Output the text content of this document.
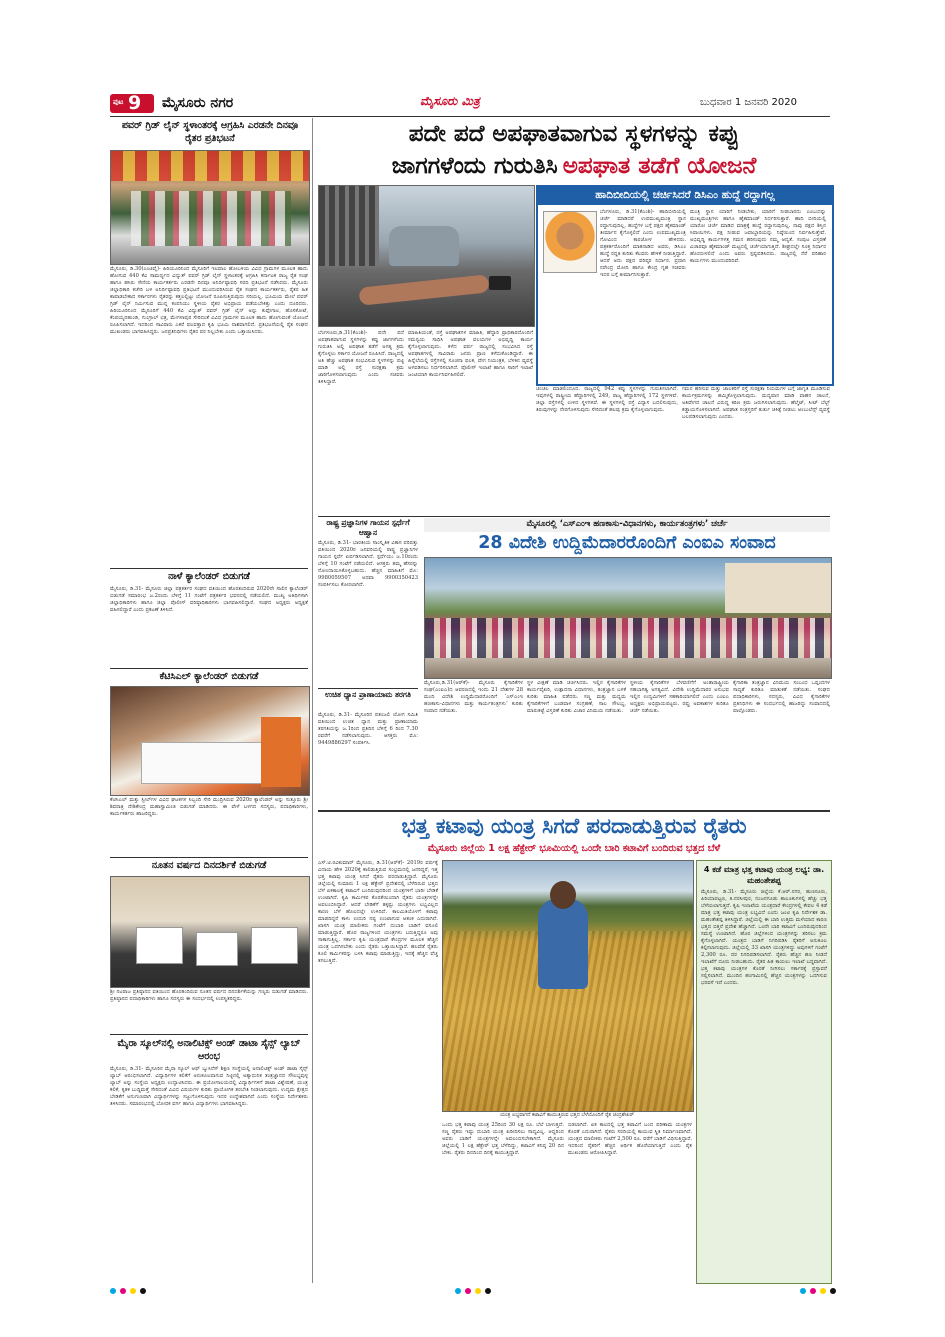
ಪುಟ 9 ಮೈಸೂರು ನಗರ	ಮೈಸೂರು ಮಿತ್ರ	ಬುಧವಾರ 1 ಜನವರಿ 2020
ಪವರ್ ಗ್ರಿಡ್ ಲೈನ್ ಸ್ಥಳಾಂತರಕ್ಕೆ ಆಗ್ರಹಿಸಿ ಎರಡನೇ ದಿನವೂ ರೈತರ ಪ್ರತಿಭಟನೆ
ಮೈಸೂರು, ಡಿ.30(ಎಂಟಿವೈ)- ಹಿರಿಯೂರಿನಿಂದ ಮೈಸೂರಿಗೆ ಇಲವಾಲ ಹೋಬಳಿಯ ವಿವಿಧ ಗ್ರಾಮಗಳ ಮೂಲಕ ಹಾದು ಹೋಗುವ 440 ಕೆವಿ ಸಾಮರ್ಥ್ಯದ ವಿದ್ಯುತ್ ಪವರ್ ಗ್ರಿಡ್ ಲೈನ್ ಸ್ಥಳಾಂತರಕ್ಕೆ ಆಗ್ರಹಿಸಿ ಕರ್ನಾಟಕ ರಾಜ್ಯ ರೈತ ಸಂಘ ಹಾಗೂ ಹಸಿರು ಸೇನೆಯ ಕಾರ್ಯಕರ್ತರು ಎರಡನೇ ದಿನವೂ ಅನಿರ್ದಿಷ್ಟಾವಧಿ ಸರದಿ ಪ್ರತಿಭಟನೆ ನಡೆಸಿದರು. ಮೈಸೂರು ಜಿಲ್ಲಾಧಿಕಾರಿ ಕಚೇರಿ ಬಳಿ ಅನಿರ್ದಿಷ್ಟಾವಧಿ ಪ್ರತಿಭಟನೆ ಮುಂದುವರಿಸಿರುವ ರೈತ ಸಂಘದ ಕಾರ್ಯಕರ್ತರು, ರೈತರ ಹಿತ ಕಾಪಾಡಬೇಕಾದ ಸರ್ಕಾರಗಳು ರೈತರನ್ನು ಕತ್ತಲಲ್ಲಿಟ್ಟು ಯೋಜನೆ ರೂಪಿಸುತ್ತಿರುವುದು ಸರಿಯಲ್ಲ. ಭೂಮಿಯ ಮೇಲೆ ಪವರ್ ಗ್ರಿಡ್ ಲೈನ್ ನಿರ್ಮಿಸುವ ಮುನ್ನ ಕಂಪನಿಯು ಸ್ಥಳೀಯ ರೈತರ ಅಭಿಪ್ರಾಯ ಪಡೆಯಬೇಕಿತ್ತು ಎಂದು ದೂರಿದರು. ಹಿರಿಯೂರಿನಿಂದ ಮೈಸೂರಿಗೆ 440 ಕೆವಿ ವಿದ್ಯುತ್ ಪವರ್ ಗ್ರಿಡ್ ಲೈನ್ ಅನ್ನು ಕುಪ್ಪೇಗಾಲ, ಹೊಸಕೋಟೆ, ಕೆಂಪಯ್ಯನಹುಂಡಿ, ಗುಂಗ್ರಾಲ್ ಛತ್ರ, ಮೇಗಳಾಪುರ ಸೇರಿದಂತೆ ವಿವಿಧ ಗ್ರಾಮಗಳ ಮೂಲಕ ಹಾದು ಹೋಗುವಂತೆ ಯೋಜನೆ ರೂಪಿಸಲಾಗಿದೆ. ಇದರಿಂದ ಸಾವಿರಾರು ಎಕರೆ ಫಲವತ್ತಾದ ಕೃಷಿ ಭೂಮಿ ನಾಶವಾಗಲಿದೆ. ಪ್ರತಿಭಟನೆಯಲ್ಲಿ ರೈತ ಸಂಘದ ಮುಖಂಡರು ಭಾಗವಹಿಸಿದ್ದರು. ಜನಪ್ರತಿನಿಧಿಗಳು ರೈತರ ಪರ ನಿಲ್ಲಬೇಕು ಎಂದು ಒತ್ತಾಯಿಸಿದರು.
ನಾಳೆ ಕ್ಯಾಲೆಂಡರ್ ಬಿಡುಗಡೆ
ಮೈಸೂರು, ಡಿ.31- ಮೈಸೂರು ಜಿಲ್ಲಾ ಪತ್ರಕರ್ತರ ಸಂಘದ ವತಿಯಿಂದ ಹೊರತಂದಿರುವ 2020ನೇ ಸಾಲಿನ ಕ್ಯಾಲೆಂಡರ್ ಬಿಡುಗಡೆ ಸಮಾರಂಭ ಜ.2ರಂದು ಬೆಳಿಗ್ಗೆ 11 ಗಂಟೆಗೆ ಪತ್ರಕರ್ತರ ಭವನದಲ್ಲಿ ನಡೆಯಲಿದೆ. ಮುಖ್ಯ ಅತಿಥಿಗಳಾಗಿ ಜಿಲ್ಲಾಧಿಕಾರಿಗಳು ಹಾಗೂ ಜಿಲ್ಲಾ ಪೊಲೀಸ್ ವರಿಷ್ಠಾಧಿಕಾರಿಗಳು ಭಾಗವಹಿಸಲಿದ್ದಾರೆ. ಸಂಘದ ಅಧ್ಯಕ್ಷರು ಅಧ್ಯಕ್ಷತೆ ವಹಿಸಲಿದ್ದಾರೆ ಎಂದು ಪ್ರಕಟಣೆ ತಿಳಿಸಿದೆ.
ಕೆಟಿಸಿಎಲ್ ಕ್ಯಾಲೆಂಡರ್ ಬಿಡುಗಡೆ
ಕೆಟಿಸಿಎಲ್ ಮತ್ತು ಸ್ಟೀಲ್‌ಗಳ ವಿವಿಧ ಘಟಕಗಳ ಸಿಬ್ಬಂದಿ ಸೇರಿ ಮುದ್ರಿಸಿರುವ 2020ರ ಕ್ಯಾಲೆಂಡರ್ ಅನ್ನು ಸುತ್ತೂರು ಶ್ರೀ ಶಿವರಾತ್ರಿ ದೇಶಿಕೇಂದ್ರ ಮಹಾಸ್ವಾಮೀಜಿ ಬಿಡುಗಡೆ ಮಾಡಿದರು. ಈ ವೇಳೆ ಬಳಗದ ಸದಸ್ಯರು, ಪದಾಧಿಕಾರಿಗಳು, ಕಾರ್ಯಕರ್ತರು ಹಾಜರಿದ್ದರು.
ನೂತನ ವರ್ಷದ ದಿನದರ್ಶಿಕೆ ಬಿಡುಗಡೆ
ಶ್ರೀ ನಟರಾಜ ಪ್ರತಿಷ್ಠಾನದ ವತಿಯಿಂದ ಹೊರತಂದಿರುವ ನೂತನ ವರ್ಷದ ದಿನದರ್ಶಿಕೆಯನ್ನು ಗಣ್ಯರು ಬಿಡುಗಡೆ ಮಾಡಿದರು. ಪ್ರತಿಷ್ಠಾನದ ಪದಾಧಿಕಾರಿಗಳು ಹಾಗೂ ಸದಸ್ಯರು ಈ ಸಂದರ್ಭದಲ್ಲಿ ಉಪಸ್ಥಿತರಿದ್ದರು.
ಮೈರಾ ಸ್ಕೂಲ್‌ನಲ್ಲಿ ಅನಾಲಿಟಿಕ್ಸ್ ಅಂಡ್ ಡಾಟಾ ಸೈನ್ಸ್ ಲ್ಯಾಬ್ ಆರಂಭ
ಮೈಸೂರು, ಡಿ.31- ಮೈಸೂರಿನ ಮೈರಾ ಸ್ಕೂಲ್ ಆಫ್ ಬ್ಯುಸಿನೆಸ್ ಶಿಕ್ಷಣ ಸಂಸ್ಥೆಯಲ್ಲಿ ಅನಾಲಿಟಿಕ್ಸ್ ಅಂಡ್ ಡಾಟಾ ಸೈನ್ಸ್ ಲ್ಯಾಬ್ ಆರಂಭಿಸಲಾಗಿದೆ. ವಿದ್ಯಾರ್ಥಿಗಳ ಕಲಿಕೆಗೆ ಅನುಕೂಲವಾಗುವ ನಿಟ್ಟಿನಲ್ಲಿ ಅತ್ಯಾಧುನಿಕ ತಂತ್ರಜ್ಞಾನದ ಸೌಲಭ್ಯವುಳ್ಳ ಲ್ಯಾಬ್ ಅನ್ನು ಸಂಸ್ಥೆಯ ಅಧ್ಯಕ್ಷರು ಉದ್ಘಾಟಿಸಿದರು. ಈ ಪ್ರಯೋಗಾಲಯದಲ್ಲಿ ವಿದ್ಯಾರ್ಥಿಗಳಿಗೆ ಡಾಟಾ ವಿಶ್ಲೇಷಣೆ, ಯಂತ್ರ ಕಲಿಕೆ, ಕೃತಕ ಬುದ್ಧಿಮತ್ತೆ ಸೇರಿದಂತೆ ವಿವಿಧ ವಿಷಯಗಳ ಕುರಿತು ಪ್ರಾಯೋಗಿಕ ತರಬೇತಿ ನೀಡಲಾಗುವುದು. ಉದ್ಯಮ ಕ್ಷೇತ್ರದ ಬೇಡಿಕೆಗೆ ಅನುಗುಣವಾಗಿ ವಿದ್ಯಾರ್ಥಿಗಳನ್ನು ಸಜ್ಜುಗೊಳಿಸುವುದು ಇದರ ಉದ್ದೇಶವಾಗಿದೆ ಎಂದು ಸಂಸ್ಥೆಯ ನಿರ್ದೇಶಕರು ತಿಳಿಸಿದರು. ಸಮಾರಂಭದಲ್ಲಿ ಬೋಧಕ ವರ್ಗ ಹಾಗೂ ವಿದ್ಯಾರ್ಥಿಗಳು ಭಾಗವಹಿಸಿದ್ದರು.
ಪದೇ ಪದೆ ಅಪಘಾತವಾಗುವ ಸ್ಥಳಗಳನ್ನು ಕಪ್ಪು
ಜಾಗಗಳೆಂದು ಗುರುತಿಸಿ ಅಪಘಾತ ತಡೆಗೆ ಯೋಜನೆ
ಹಾದಿಬೀದಿಯಲ್ಲಿ ಚರ್ಚಿಸಿದರೆ ಡಿಸಿಎಂ ಹುದ್ದೆ ರದ್ದಾಗಲ್ಲ
ಬೆಂಗಳೂರು, ಡಿ.31(ಕೆಎಂಶಿ)- ಹಾದಿಬೀದಿಯಲ್ಲಿ ಚರ್ಚೆ ಮಾಡಿದರೆ ಉಪಮುಖ್ಯಮಂತ್ರಿ ಸ್ಥಾನ ರದ್ದಾಗುವುದಿಲ್ಲ. ಹುದ್ದೆಗಳ ಬಗ್ಗೆ ಪಕ್ಷದ ಹೈಕಮಾಂಡ್ ತೀರ್ಮಾನ ಕೈಗೊಳ್ಳಲಿದೆ ಎಂದು ಉಪಮುಖ್ಯಮಂತ್ರಿ ಗೋವಿಂದ ಕಾರಜೋಳ ಹೇಳಿದರು. ಪತ್ರಕರ್ತರೊಂದಿಗೆ ಮಾತನಾಡಿದ ಅವರು, ಡಿಸಿಎಂ ಹುದ್ದೆ ರದ್ದತಿ ಕುರಿತು ಕೆಲವರು ಹೇಳಿಕೆ ನೀಡುತ್ತಿದ್ದಾರೆ. ಆದರೆ ಅದು ಪಕ್ಷದ ವರಿಷ್ಠರ ನಿರ್ಧಾರ. ಪ್ರಧಾನಿ ನರೇಂದ್ರ ಮೋದಿ ಹಾಗೂ ಕೇಂದ್ರ ಗೃಹ ಸಚಿವರು ಇದರ ಬಗ್ಗೆ ತೀರ್ಮಾನಿಸುತ್ತಾರೆ.
ಮಂತ್ರಿ ಸ್ಥಾನ ಯಾರಿಗೆ ನೀಡಬೇಕು, ಯಾರಿಗೆ ನೀಡಬಾರದು ಎಂಬುದನ್ನು ಮುಖ್ಯಮಂತ್ರಿಗಳು ಹಾಗೂ ಹೈಕಮಾಂಡ್ ನಿರ್ಧರಿಸುತ್ತಾರೆ. ಹಾದಿ ಬೀದಿಯಲ್ಲಿ ಯಾರೋ ಚರ್ಚೆ ಮಾಡಿದ ಮಾತ್ರಕ್ಕೆ ಹುದ್ದೆ ರದ್ದಾಗುವುದಿಲ್ಲ. ನಾವು ಪಕ್ಷದ ಶಿಸ್ತಿನ ಸಿಪಾಯಿಗಳು. ಪಕ್ಷ ನೀಡುವ ಜವಾಬ್ದಾರಿಯನ್ನು ನಿಷ್ಠೆಯಿಂದ ನಿರ್ವಹಿಸುತ್ತೇವೆ. ಅಭಿವೃದ್ಧಿ ಕಾರ್ಯಗಳತ್ತ ಗಮನ ಹರಿಸುವುದು ನಮ್ಮ ಆದ್ಯತೆ. ಸಂಪುಟ ವಿಸ್ತರಣೆ ವಿಚಾರವೂ ಹೈಕಮಾಂಡ್ ಮಟ್ಟದಲ್ಲಿ ಚರ್ಚೆಯಾಗುತ್ತಿದೆ. ಶೀಘ್ರದಲ್ಲೇ ಸೂಕ್ತ ನಿರ್ಧಾರ ಹೊರಬೀಳಲಿದೆ ಎಂದು ಅವರು ಸ್ಪಷ್ಟಪಡಿಸಿದರು. ರಾಜ್ಯದಲ್ಲಿ ನೆರೆ ಪರಿಹಾರ ಕಾರ್ಯಗಳು ಮುಂದುವರಿದಿವೆ.
ಬೆಂಗಳೂರು,ಡಿ.31(ಕೆಎಂಶಿ)- ಪದೇ ಪದೆ ಅಪಘಾತವಾಗುವ ಸ್ಥಳಗಳನ್ನು ಕಪ್ಪು ಜಾಗಗಳೆಂದು ಗುರುತಿಸಿ ಅಲ್ಲಿ ಅಪಘಾತ ತಡೆಗೆ ಅಗತ್ಯ ಕ್ರಮ ಕೈಗೊಳ್ಳಲು ಸರ್ಕಾರ ಯೋಜನೆ ರೂಪಿಸಿದೆ. ರಾಜ್ಯದಲ್ಲಿ ಅತಿ ಹೆಚ್ಚು ಅಪಘಾತ ಸಂಭವಿಸುವ ಸ್ಥಳಗಳನ್ನು ಪಟ್ಟಿ ಮಾಡಿ ಅಲ್ಲಿ ರಸ್ತೆ ಸುರಕ್ಷತಾ ಕ್ರಮ ಜಾರಿಗೊಳಿಸಲಾಗುವುದು ಎಂದು ಸಚಿವರು ತಿಳಿಸಿದ್ದಾರೆ.
ಮಾಹಿತಿಯಂತೆ, ರಸ್ತೆ ಅಪಘಾತಗಳ ಮಾಹಿತಿ, ಹೆದ್ದಾರಿ ಪ್ರಾಧಿಕಾರದೊಂದಿಗೆ ಸಮನ್ವಯ ಸಾಧಿಸಿ ಅಪಘಾತ ವಲಯಗಳ ಅಭಿವೃದ್ಧಿ ಕಾರ್ಯ ಕೈಗೊಳ್ಳಲಾಗುವುದು. ಕಳೆದ ವರ್ಷ ರಾಜ್ಯದಲ್ಲಿ ಸಂಭವಿಸಿದ ರಸ್ತೆ ಅಪಘಾತಗಳಲ್ಲಿ ಸಾವಿರಾರು ಜನರು ಪ್ರಾಣ ಕಳೆದುಕೊಂಡಿದ್ದಾರೆ. ಈ ಹಿನ್ನೆಲೆಯಲ್ಲಿ ರಸ್ತೆಗಳಲ್ಲಿ ಸೂಚನಾ ಫಲಕ, ವೇಗ ನಿಯಂತ್ರಕ, ಬೆಳಕಿನ ವ್ಯವಸ್ಥೆ ಅಳವಡಿಸಲು ನಿರ್ಧರಿಸಲಾಗಿದೆ. ಪೊಲೀಸ್ ಇಲಾಖೆ ಹಾಗೂ ಸಾರಿಗೆ ಇಲಾಖೆ ಜಂಟಿಯಾಗಿ ಕಾರ್ಯನಿರ್ವಹಿಸಲಿವೆ.
ಚಂಚಲ ಮಾಡಲಿಂದೂದ. ರಾಜ್ಯದಲ್ಲಿ 942 ಕಪ್ಪು ಸ್ಥಳಗಳನ್ನು ಗುರುತಿಸಲಾಗಿದೆ. ಇವುಗಳಲ್ಲಿ ರಾಷ್ಟ್ರೀಯ ಹೆದ್ದಾರಿಗಳಲ್ಲಿ 249, ರಾಜ್ಯ ಹೆದ್ದಾರಿಗಳಲ್ಲಿ 172 ಸ್ಥಳಗಳಿವೆ. ಜಿಲ್ಲಾ ರಸ್ತೆಗಳಲ್ಲಿ ಉಳಿದ ಸ್ಥಳಗಳಿವೆ. ಈ ಸ್ಥಳಗಳಲ್ಲಿ ರಸ್ತೆ ವಿನ್ಯಾಸ ಬದಲಿಸುವುದು, ತಿರುವುಗಳನ್ನು ನೇರಗೊಳಿಸುವುದು ಸೇರಿದಂತೆ ಹಲವು ಕ್ರಮ ಕೈಗೊಳ್ಳಲಾಗುವುದು.
ಗಮನ ಹರಿಸುವ ಮತ್ತು ಚಾಲಕರಿಗೆ ರಸ್ತೆ ಸುರಕ್ಷತಾ ನಿಯಮಗಳ ಬಗ್ಗೆ ಜಾಗೃತಿ ಮೂಡಿಸುವ ಕಾರ್ಯಕ್ರಮಗಳನ್ನು ಹಮ್ಮಿಕೊಳ್ಳಲಾಗುವುದು. ಮದ್ಯಪಾನ ಮಾಡಿ ವಾಹನ ಚಾಲನೆ, ಅತಿವೇಗದ ಚಾಲನೆ ವಿರುದ್ಧ ಕಠಿಣ ಕ್ರಮ ಜರುಗಿಸಲಾಗುವುದು. ಹೆಲ್ಮೆಟ್, ಸೀಟ್ ಬೆಲ್ಟ್ ಕಡ್ಡಾಯಗೊಳಿಸಲಾಗಿದೆ. ಅಪಘಾತ ಸಂತ್ರಸ್ತರಿಗೆ ತುರ್ತು ಚಿಕಿತ್ಸೆ ನೀಡಲು ಆಂಬುಲೆನ್ಸ್ ವ್ಯವಸ್ಥೆ ಬಲಪಡಿಸಲಾಗುವುದು ಎಂದರು.
ರಾಷ್ಟ್ರ ಪ್ರಜ್ಞಾನಿಗಳ ಗಾಯನ ಸ್ಪರ್ಧೆಗೆ ಆಹ್ವಾನ
ಮೈಸೂರು, ಡಿ.31- ಭಾರತೀಯ ಸಾಂಸ್ಕೃತಿಕ ವಿಕಾಸ ಪರಿಷತ್ತು ವತಿಯಿಂದ 2020ರ ಜನವರಿಯಲ್ಲಿ ರಾಷ್ಟ್ರ ಪ್ರಜ್ಞಾನಿಗಳ ಗಾಯನ ಸ್ಪರ್ಧೆ ಏರ್ಪಡಿಸಲಾಗಿದೆ. ಸ್ಪರ್ಧೆಯು ಜ.10ರಂದು ಬೆಳಿಗ್ಗೆ 10 ಗಂಟೆಗೆ ನಡೆಯಲಿದೆ. ಆಸಕ್ತರು ತಮ್ಮ ಹೆಸರನ್ನು ನೋಂದಾಯಿಸಿಕೊಳ್ಳಬಹುದು. ಹೆಚ್ಚಿನ ಮಾಹಿತಿಗೆ ಮೊ: 9980059507 ಅಥವಾ 9900350423 ಸಂಪರ್ಕಿಸಲು ಕೋರಲಾಗಿದೆ.
ಉಚಿತ ಧ್ಯಾನ ಪ್ರಾಣಾಯಾಮ ತರಗತಿ
ಮೈಸೂರು, ಡಿ.31- ಮೈಸೂರಿನ ಪತಂಜಲಿ ಯೋಗ ಸಮಿತಿ ವತಿಯಿಂದ ಉಚಿತ ಧ್ಯಾನ ಮತ್ತು ಪ್ರಾಣಾಯಾಮ ತರಗತಿಯನ್ನು ಜ.1ರಿಂದ ಪ್ರತಿದಿನ ಬೆಳಿಗ್ಗೆ 6 ರಿಂದ 7.30 ರವರೆಗೆ ನಡೆಸಲಾಗುವುದು. ಆಸಕ್ತರು ಮೊ: 9449886297 ಸಂಪರ್ಕಿಸಿ.
ಮೈಸೂರಲ್ಲಿ ‘ಎಸ್‌ಎಂಇ ಹಣಕಾಸು-ವಿಧಾನಗಳು, ಕಾರ್ಯತಂತ್ರಗಳು’ ಚರ್ಚೆ
28 ವಿದೇಶಿ ಉದ್ದಿಮೆದಾರರೊಂದಿಗೆ ಎಂಐಎ ಸಂವಾದ
ಮೈಸೂರು,ಡಿ.31(ಆರ್‌ಕೆ)- ಮೈಸೂರು ಕೈಗಾರಿಕೆಗಳ ಸಂಘ(ಎಂಐಎ)ದ ಆವರಣದಲ್ಲಿ ಇಂದು 21 ದೇಶಗಳ 28 ಮಂದಿ ವಿದೇಶಿ ಉದ್ದಿಮೆದಾರರೊಂದಿಗೆ ‘ಎಸ್‌ಎಂಇ ಹಣಕಾಸು-ವಿಧಾನಗಳು ಮತ್ತು ಕಾರ್ಯತಂತ್ರಗಳು’ ಕುರಿತು ಸಂವಾದ ನಡೆಯಿತು.
ಸ್ಥಳ ವೀಕ್ಷಣೆ ಮಾಡಿ ಚರ್ಚಿಸಿದರು. ಇಲ್ಲಿನ ಕೈಗಾರಿಕೆಗಳ ಕಾರ್ಯವೈಖರಿ, ಉತ್ಪಾದನಾ ವಿಧಾನಗಳು, ತಂತ್ರಜ್ಞಾನ ಬಳಕೆ ಕುರಿತು ಮಾಹಿತಿ ಪಡೆದರು. ಸಣ್ಣ ಮತ್ತು ಮಧ್ಯಮ ಕೈಗಾರಿಕೆಗಳಿಗೆ ಬಂಡವಾಳ ಸಂಗ್ರಹಣೆ, ಸಾಲ ಸೌಲಭ್ಯ, ಮಾರುಕಟ್ಟೆ ವಿಸ್ತರಣೆ ಕುರಿತು ವಿಚಾರ ವಿನಿಮಯ ನಡೆಯಿತು.
ಸ್ಥಳೀಯ ಕೈಗಾರಿಕೆಗಳ ಬೆಳವಣಿಗೆಗೆ ಅಂತಾರಾಷ್ಟ್ರೀಯ ಸಹಭಾಗಿತ್ವ ಅಗತ್ಯವಿದೆ. ವಿದೇಶಿ ಉದ್ದಿಮೆದಾರರ ಅನುಭವ ಇಲ್ಲಿನ ಉದ್ಯಮಿಗಳಿಗೆ ಸಹಕಾರಿಯಾಗಲಿದೆ ಎಂದು ಎಂಐಎ ಅಧ್ಯಕ್ಷರು ಅಭಿಪ್ರಾಯಪಟ್ಟರು. ರಫ್ತು ಅವಕಾಶಗಳ ಕುರಿತೂ ಚರ್ಚೆ ನಡೆಯಿತು.
ಕೈಗಾರಿಕಾ ತಂತ್ರಜ್ಞಾನ ವಿನಿಮಯ ಸಂಬಂಧ ಒಪ್ಪಂದಗಳ ಸಾಧ್ಯತೆ ಕುರಿತೂ ಮಾತುಕತೆ ನಡೆಯಿತು. ಸಂಘದ ಪದಾಧಿಕಾರಿಗಳು, ಸದಸ್ಯರು, ವಿವಿಧ ಕೈಗಾರಿಕೆಗಳ ಪ್ರತಿನಿಧಿಗಳು ಈ ಸಂದರ್ಭದಲ್ಲಿ ಹಾಜರಿದ್ದು ಸಂವಾದದಲ್ಲಿ ಪಾಲ್ಗೊಂಡರು.
ಭತ್ತ ಕಟಾವು ಯಂತ್ರ ಸಿಗದೆ ಪರದಾಡುತ್ತಿರುವ ರೈತರು
ಮೈಸೂರು ಜಿಲ್ಲೆಯ 1 ಲಕ್ಷ ಹೆಕ್ಟೇರ್ ಭೂಮಿಯಲ್ಲಿ ಒಂದೇ ಬಾರಿ ಕಟಾವಿಗೆ ಬಂದಿರುವ ಭತ್ತದ ಬೆಳೆ
ಎಸ್.ಟಿ.ರವಿಕುಮಾರ್ ಮೈಸೂರು, ಡಿ.31(ಆರ್‌ಕೆ)- 2019ರ ವರ್ಷಕ್ಕೆ ವಿದಾಯ ಹೇಳಿ 2020ಕ್ಕೆ ಕಾಲಿಡುತ್ತಿರುವ ಸಂಭ್ರಮದಲ್ಲಿ ಜನರಿದ್ದರೆ, ಇತ್ತ ಭತ್ತ ಕಟಾವು ಯಂತ್ರ ಸಿಗದೆ ರೈತರು ಪರದಾಡುತ್ತಿದ್ದಾರೆ. ಮೈಸೂರು ಜಿಲ್ಲೆಯಲ್ಲಿ ಸುಮಾರು 1 ಲಕ್ಷ ಹೆಕ್ಟೇರ್ ಪ್ರದೇಶದಲ್ಲಿ ಬೆಳೆದಿರುವ ಭತ್ತದ ಬೆಳೆ ಏಕಕಾಲಕ್ಕೆ ಕಟಾವಿಗೆ ಬಂದಿರುವುದರಿಂದ ಯಂತ್ರಗಳಿಗೆ ಭಾರೀ ಬೇಡಿಕೆ ಉಂಟಾಗಿದೆ. ಕೃಷಿ ಕಾರ್ಮಿಕರ ಕೊರತೆಯಿಂದಾಗಿ ರೈತರು ಯಂತ್ರಗಳನ್ನೇ ಅವಲಂಬಿಸಿದ್ದಾರೆ. ಆದರೆ ಬೇಡಿಕೆಗೆ ತಕ್ಕಷ್ಟು ಯಂತ್ರಗಳು ಲಭ್ಯವಿಲ್ಲದ ಕಾರಣ ಬೆಳೆ ಹೊಲದಲ್ಲೇ ಉಳಿದಿದೆ. ಕಾಲಮಿತಿಯೊಳಗೆ ಕಟಾವು ಮಾಡದಿದ್ದರೆ ಕಾಳು ಉದುರಿ ನಷ್ಟ ಉಂಟಾಗುವ ಆತಂಕ ಎದುರಾಗಿದೆ. ಖಾಸಗಿ ಯಂತ್ರ ಮಾಲೀಕರು ಗಂಟೆಗೆ ದುಬಾರಿ ಬಾಡಿಗೆ ವಸೂಲಿ ಮಾಡುತ್ತಿದ್ದಾರೆ. ಹೊರ ರಾಜ್ಯಗಳಿಂದ ಯಂತ್ರಗಳು ಬರುತ್ತಿದ್ದರೂ ಅವು ಸಾಕಾಗುತ್ತಿಲ್ಲ. ಸರ್ಕಾರ ಕೃಷಿ ಯಂತ್ರಧಾರೆ ಕೇಂದ್ರಗಳ ಮೂಲಕ ಹೆಚ್ಚಿನ ಯಂತ್ರ ಒದಗಿಸಬೇಕು ಎಂದು ರೈತರು ಒತ್ತಾಯಿಸಿದ್ದಾರೆ. ಹಲವೆಡೆ ರೈತರು ಕೂಲಿ ಕಾರ್ಮಿಕರನ್ನು ಬಳಸಿ ಕಟಾವು ಮಾಡುತ್ತಿದ್ದು, ಇದಕ್ಕೆ ಹೆಚ್ಚಿನ ವೆಚ್ಚ ತಗಲುತ್ತಿದೆ.
ಯಂತ್ರ ಲಭ್ಯವಾಗದೆ ಕಟಾವಿಗೆ ಕಾಯುತ್ತಿರುವ ಭತ್ತದ ಬೆಳೆಯೊಂದಿಗೆ ರೈತ ಚಂದ್ರಶೇಖರ್
ಒಂದು ಭತ್ತ ಕಟಾವು ಯಂತ್ರ 25ರಿಂದ 30 ಲಕ್ಷ ರೂ. ಬೆಲೆ ಬಾಳುತ್ತದೆ. ಸಣ್ಣ ರೈತರು ಇಷ್ಟು ದುಬಾರಿ ಯಂತ್ರ ಖರೀದಿಸಲು ಸಾಧ್ಯವಿಲ್ಲ. ಆದ್ದರಿಂದ ಅವರು ಬಾಡಿಗೆ ಯಂತ್ರಗಳನ್ನೇ ಅವಲಂಬಿಸಬೇಕಾಗಿದೆ. ಮೈಸೂರು ಜಿಲ್ಲೆಯಲ್ಲಿ 1 ಲಕ್ಷ ಹೆಕ್ಟೇರ್ ಭತ್ತ ಬೆಳೆದಿದ್ದು, ಕಟಾವಿಗೆ ಕನಿಷ್ಠ 20 ದಿನ ಬೇಕು. ರೈತರು ದಿನದಿಂದ ದಿನಕ್ಕೆ ಕಾಯುತ್ತಿದ್ದಾರೆ.
ಬಿಡಲಾಗಿದೆ. ಏಕ ಕಾಲದಲ್ಲಿ ಭತ್ತ ಕಟಾವಿಗೆ ಬಂದ ಪರಿಣಾಮ ಯಂತ್ರಗಳ ಕೊರತೆ ಎದುರಾಗಿದೆ. ರೈತರು ಸರದಿಯಲ್ಲಿ ಕಾಯುವ ಸ್ಥಿತಿ ನಿರ್ಮಾಣವಾಗಿದೆ. ಯಂತ್ರದ ಮಾಲೀಕರು ಗಂಟೆಗೆ 2,500 ರೂ. ವರೆಗೆ ಬಾಡಿಗೆ ವಿಧಿಸುತ್ತಿದ್ದಾರೆ. ಇದರಿಂದ ರೈತರಿಗೆ ಹೆಚ್ಚಿನ ಆರ್ಥಿಕ ಹೊರೆಯಾಗುತ್ತಿದೆ ಎಂದು ರೈತ ಮುಖಂಡರು ಆರೋಪಿಸಿದ್ದಾರೆ.
4 ಕಡೆ ಮಾತ್ರ ಭತ್ತ ಕಟಾವು ಯಂತ್ರ ಲಭ್ಯ: ಡಾ. ಮಹಂತೇಶಪ್ಪ
ಮೈಸೂರು, ಡಿ.31- ಮೈಸೂರು ಜಿಲ್ಲೆಯ ಕೆ.ಆರ್.ನಗರ, ಹುಣಸೂರು, ಪಿರಿಯಾಪಟ್ಟಣ, ತಿ.ನರಸೀಪುರ, ನಂಜನಗೂಡು ತಾಲೂಕುಗಳಲ್ಲಿ ಹೆಚ್ಚು ಭತ್ತ ಬೆಳೆಯಲಾಗುತ್ತದೆ. ಕೃಷಿ ಇಲಾಖೆಯ ಯಂತ್ರಧಾರೆ ಕೇಂದ್ರಗಳಲ್ಲಿ ಕೇವಲ 4 ಕಡೆ ಮಾತ್ರ ಭತ್ತ ಕಟಾವು ಯಂತ್ರ ಲಭ್ಯವಿದೆ ಎಂದು ಜಂಟಿ ಕೃಷಿ ನಿರ್ದೇಶಕ ಡಾ. ಮಹಂತೇಶಪ್ಪ ತಿಳಿಸಿದ್ದಾರೆ. ಜಿಲ್ಲೆಯಲ್ಲಿ ಈ ಬಾರಿ ಉತ್ತಮ ಮಳೆಯಾದ ಕಾರಣ ಭತ್ತದ ಬಿತ್ತನೆ ಪ್ರದೇಶ ಹೆಚ್ಚಾಗಿದೆ. ಒಂದೇ ಬಾರಿ ಕಟಾವಿಗೆ ಬಂದಿರುವುದರಿಂದ ಸಮಸ್ಯೆ ಉಂಟಾಗಿದೆ. ಹೊರ ಜಿಲ್ಲೆಗಳಿಂದ ಯಂತ್ರಗಳನ್ನು ತರಿಸಲು ಕ್ರಮ ಕೈಗೊಳ್ಳಲಾಗಿದೆ. ಯಂತ್ರದ ಬಾಡಿಗೆ ನಿಗದಿಪಡಿಸಿ ರೈತರಿಗೆ ಅನುಕೂಲ ಕಲ್ಪಿಸಲಾಗುವುದು. ಜಿಲ್ಲೆಯಲ್ಲಿ 33 ಖಾಸಗಿ ಯಂತ್ರಗಳಿದ್ದು ಅವುಗಳಿಗೆ ಗಂಟೆಗೆ 2,300 ರೂ. ದರ ನಿಗದಿಪಡಿಸಲಾಗಿದೆ. ರೈತರು ಹೆಚ್ಚಿನ ಹಣ ನೀಡದೆ ಇಲಾಖೆಗೆ ದೂರು ನೀಡಬಹುದು. ರೈತರ ಹಿತ ಕಾಯಲು ಇಲಾಖೆ ಬದ್ಧವಾಗಿದೆ. ಭತ್ತ ಕಟಾವು ಯಂತ್ರಗಳ ಕೊರತೆ ನೀಗಿಸಲು ಸರ್ಕಾರಕ್ಕೆ ಪ್ರಸ್ತಾವನೆ ಸಲ್ಲಿಸಲಾಗಿದೆ. ಮುಂದಿನ ಹಂಗಾಮಿನಲ್ಲಿ ಹೆಚ್ಚಿನ ಯಂತ್ರಗಳನ್ನು ಒದಗಿಸುವ ಭರವಸೆ ಇದೆ ಎಂದರು.
